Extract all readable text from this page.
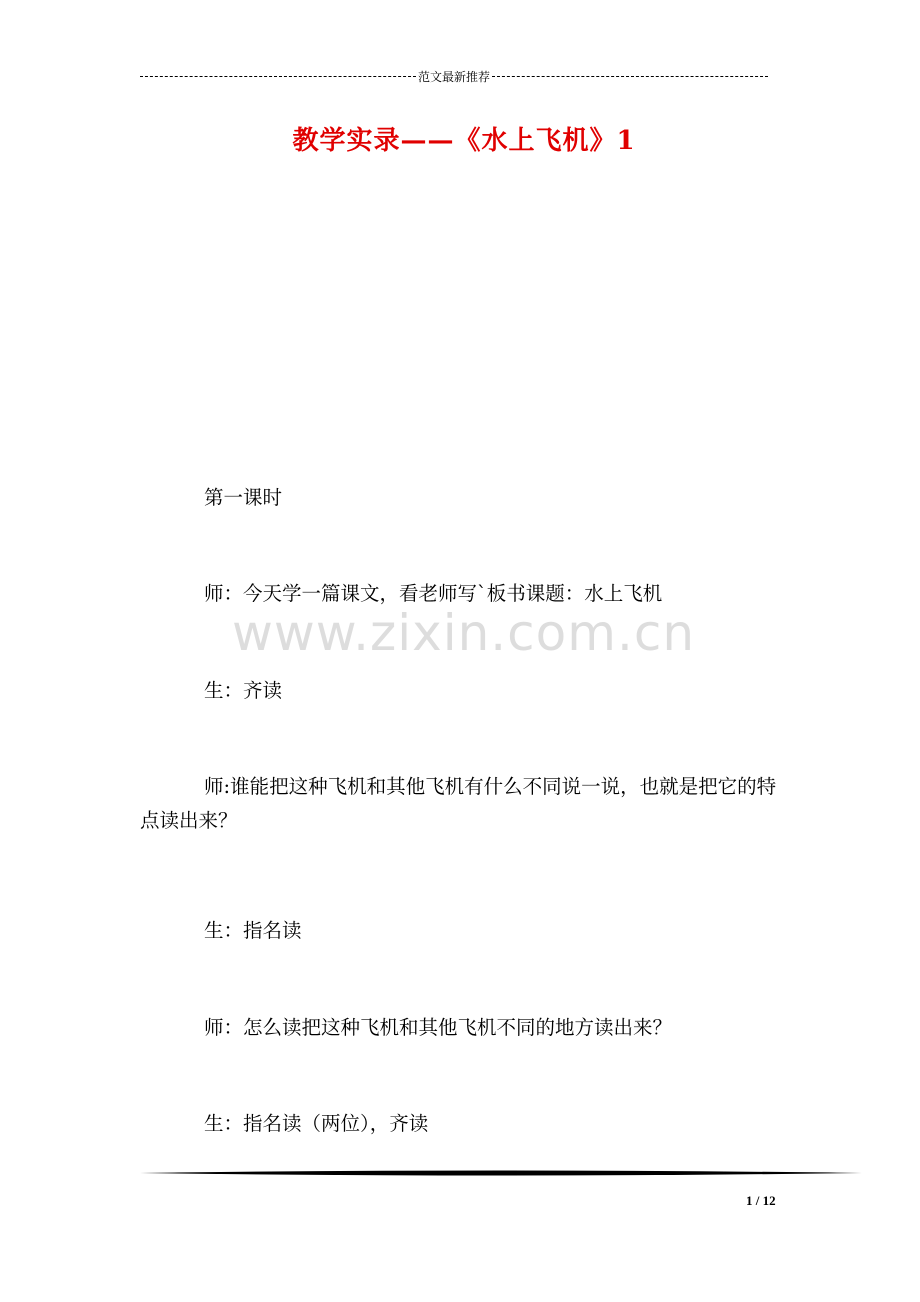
范文最新推荐
教学实录——《水上飞机》1

第一课时

师：今天学一篇课文，看老师写`板书课题：水上飞机

生：齐读

师:谁能把这种飞机和其他飞机有什么不同说一说，也就是把它的特点读出来？

生：指名读

师：怎么读把这种飞机和其他飞机不同的地方读出来？

生：指名读（两位），齐读

www.zixin.com.cn
1 / 12
